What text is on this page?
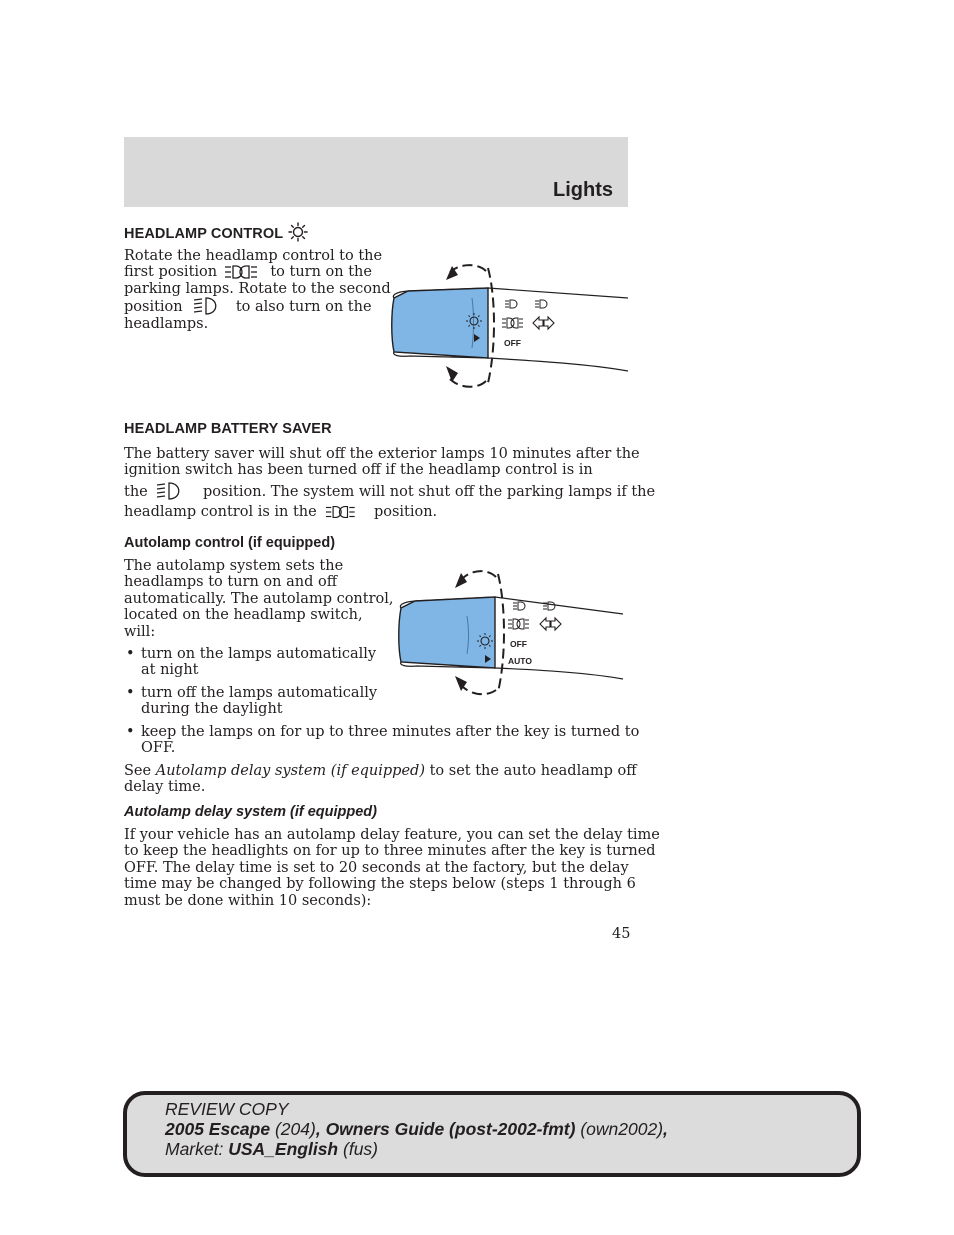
Lights
HEADLAMP CONTROL
Rotate the headlamp control to the
first position	to turn on the
parking lamps. Rotate to the second
position	to also turn on the
headlamps.
OFF
HEADLAMP BATTERY SAVER
The battery saver will shut off the exterior lamps 10 minutes after the
ignition switch has been turned off if the headlamp control is in
the	position. The system will not shut off the parking lamps if the
headlamp control is in the	position.
Autolamp control (if equipped)
The autolamp system sets the
headlamps to turn on and off
automatically. The autolamp control,
located on the headlamp switch,
will:
• turn on the lamps automatically
at night
• turn off the lamps automatically
during the daylight
• keep the lamps on for up to three minutes after the key is turned to
OFF.
See Autolamp delay system (if equipped) to set the auto headlamp off
delay time.
OFF
AUTO
Autolamp delay system (if equipped)
If your vehicle has an autolamp delay feature, you can set the delay time
to keep the headlights on for up to three minutes after the key is turned
OFF. The delay time is set to 20 seconds at the factory, but the delay
time may be changed by following the steps below (steps 1 through 6
must be done within 10 seconds):
45
REVIEW COPY
2005 Escape (204), Owners Guide (post-2002-fmt) (own2002),
Market: USA_English (fus)
